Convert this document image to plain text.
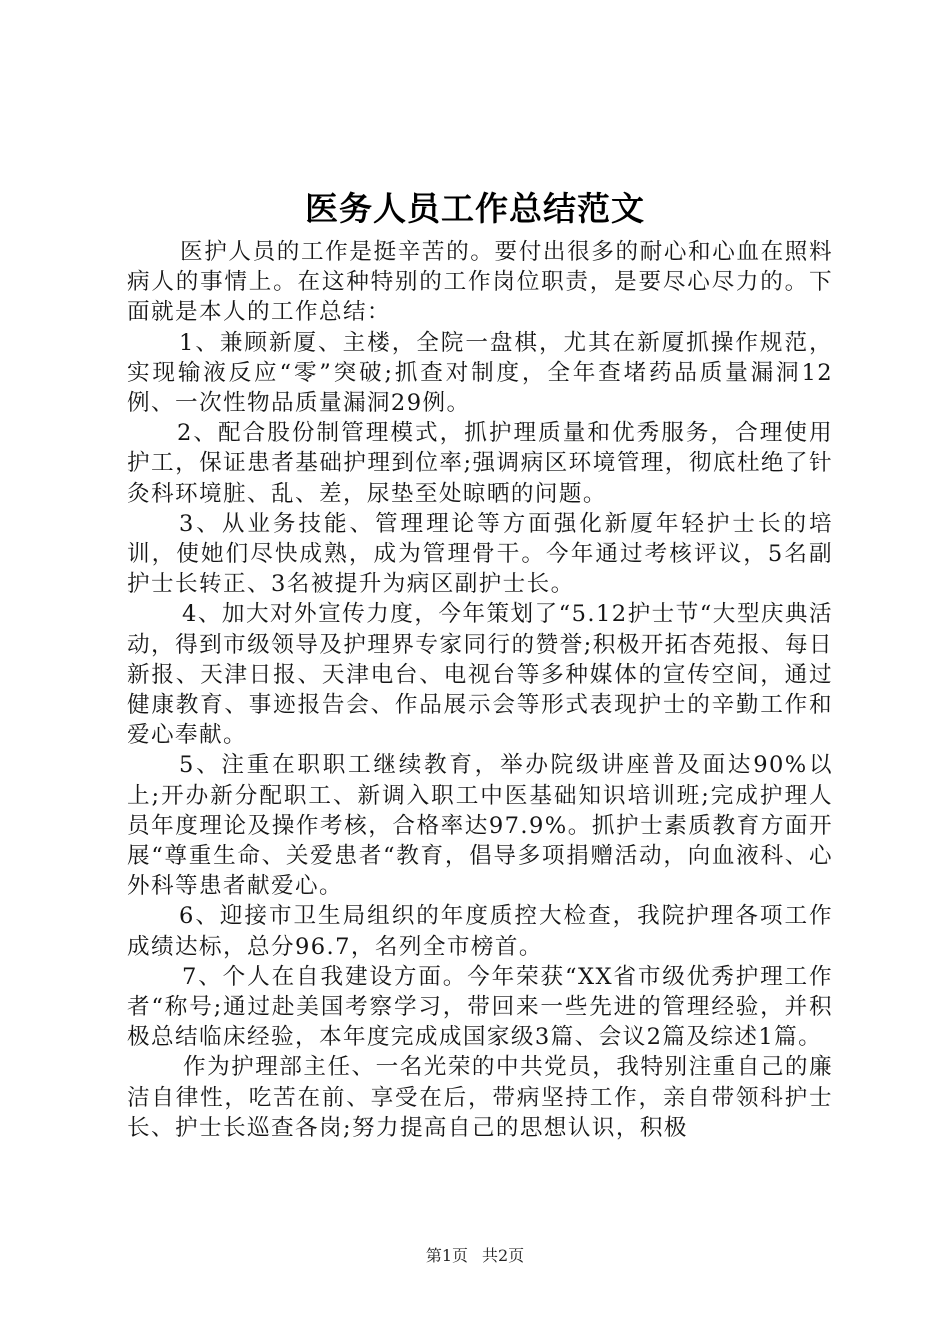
医务人员工作总结范文

医护人员的工作是挺辛苦的。要付出很多的耐心和心血在照料病人的事情上。在这种特别的工作岗位职责，是要尽心尽力的。下面就是本人的工作总结：

1、兼顾新厦、主楼，全院一盘棋，尤其在新厦抓操作规范，实现输液反应“零”突破;抓查对制度，全年查堵药品质量漏洞12例、一次性物品质量漏洞29例。

2、配合股份制管理模式，抓护理质量和优秀服务，合理使用护工，保证患者基础护理到位率;强调病区环境管理，彻底杜绝了针灸科环境脏、乱、差，尿垫至处晾晒的问题。

3、从业务技能、管理理论等方面强化新厦年轻护士长的培训，使她们尽快成熟，成为管理骨干。今年通过考核评议，5名副护士长转正、3名被提升为病区副护士长。

4、加大对外宣传力度，今年策划了“5.12护士节“大型庆典活动，得到市级领导及护理界专家同行的赞誉;积极开拓杏苑报、每日新报、天津日报、天津电台、电视台等多种媒体的宣传空间，通过健康教育、事迹报告会、作品展示会等形式表现护士的辛勤工作和爱心奉献。

5、注重在职职工继续教育，举办院级讲座普及面达90%以上;开办新分配职工、新调入职工中医基础知识培训班;完成护理人员年度理论及操作考核，合格率达97.9%。抓护士素质教育方面开展“尊重生命、关爱患者“教育，倡导多项捐赠活动，向血液科、心外科等患者献爱心。

6、迎接市卫生局组织的年度质控大检查，我院护理各项工作成绩达标，总分96.7，名列全市榜首。

7、个人在自我建设方面。今年荣获“XX省市级优秀护理工作者“称号;通过赴美国考察学习，带回来一些先进的管理经验，并积极总结临床经验，本年度完成成国家级3篇、会议2篇及综述1篇。

作为护理部主任、一名光荣的中共党员，我特别注重自己的廉洁自律性，吃苦在前、享受在后，带病坚持工作，亲自带领科护士长、护士长巡查各岗;努力提高自己的思想认识，积极

第1页 共2页
